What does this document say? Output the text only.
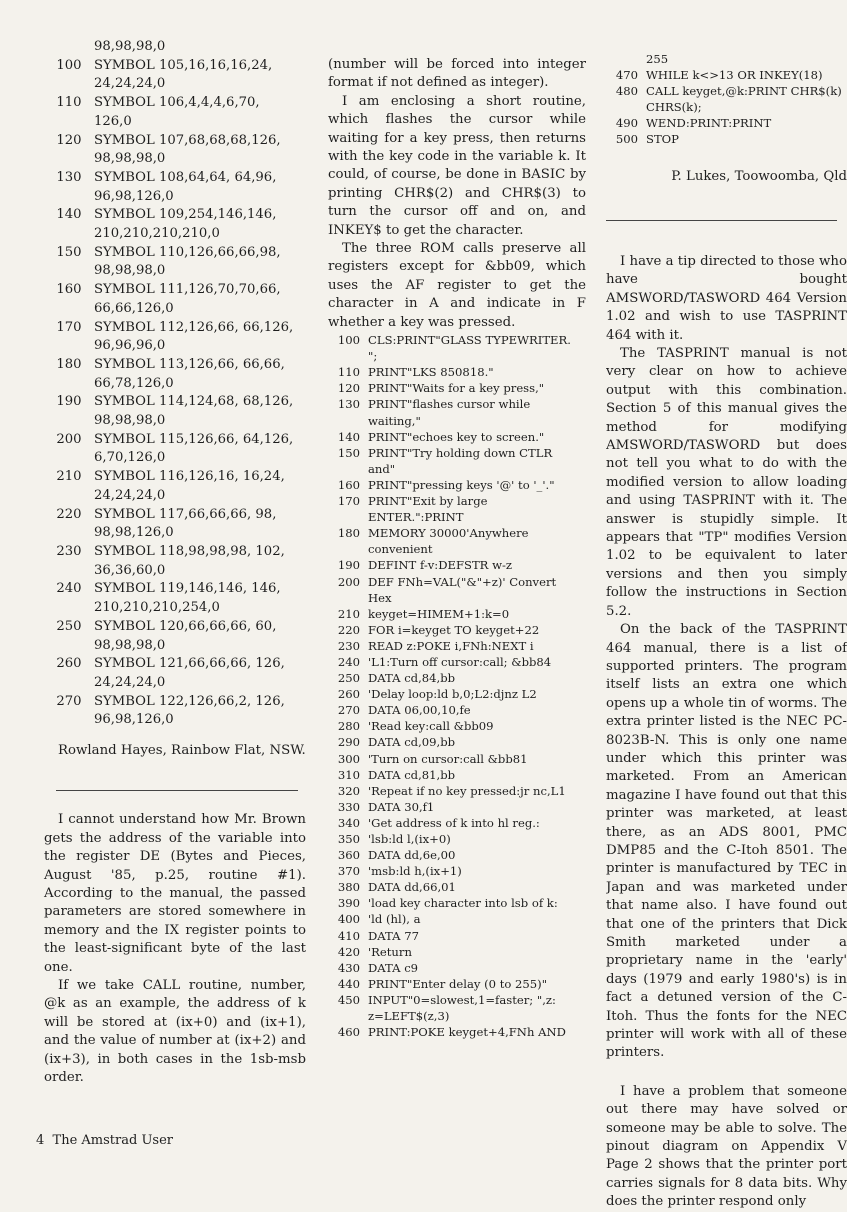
98,98,98,0
100 SYMBOL 105,16,16,16,24,
24,24,24,0
110 SYMBOL 106,4,4,4,6,70,
126,0
120 SYMBOL 107,68,68,68,126,
98,98,98,0
130 SYMBOL 108,64,64, 64,96,
96,98,126,0
140 SYMBOL 109,254,146,146,
210,210,210,210,0
150 SYMBOL 110,126,66,66,98,
98,98,98,0
160 SYMBOL 111,126,70,70,66,
66,66,126,0
170 SYMBOL 112,126,66, 66,126,
96,96,96,0
180 SYMBOL 113,126,66, 66,66,
66,78,126,0
190 SYMBOL 114,124,68, 68,126,
98,98,98,0
200 SYMBOL 115,126,66, 64,126,
6,70,126,0
210 SYMBOL 116,126,16, 16,24,
24,24,24,0
220 SYMBOL 117,66,66,66, 98,
98,98,126,0
230 SYMBOL 118,98,98,98, 102,
36,36,60,0
240 SYMBOL 119,146,146, 146,
210,210,210,254,0
250 SYMBOL 120,66,66,66, 60,
98,98,98,0
260 SYMBOL 121,66,66,66, 126,
24,24,24,0
270 SYMBOL 122,126,66,2, 126,
96,98,126,0

Rowland Hayes, Rainbow Flat, NSW.

I cannot understand how Mr. Brown gets the address of the variable into the register DE (Bytes and Pieces, August '85, p.25, routine #1). According to the manual, the passed parameters are stored somewhere in memory and the IX register points to the least-significant byte of the last one.

If we take CALL routine, number, @k as an example, the address of k will be stored at (ix+0) and (ix+1), and the value of number at (ix+2) and (ix+3), in both cases in the 1sb-msb order.

(number will be forced into integer format if not defined as integer).

I am enclosing a short routine, which flashes the cursor while waiting for a key press, then returns with the key code in the variable k. It could, of course, be done in BASIC by printing CHR$(2) and CHR$(3) to turn the cursor off and on, and INKEY$ to get the character.

The three ROM calls preserve all registers except for &bb09, which uses the AF register to get the character in A and indicate in F whether a key was pressed.

100 CLS:PRINT"GLASS TYPEWRITER.
";
110 PRINT"LKS 850818."
120 PRINT"Waits for a key press,"
130 PRINT"flashes cursor while
waiting,"
140 PRINT"echoes key to screen."
150 PRINT"Try holding down CTLR
and"
160 PRINT"pressing keys '@' to '_'."
170 PRINT"Exit by large
ENTER.":PRINT
180 MEMORY 30000'Anywhere
convenient
190 DEFINT f-v:DEFSTR w-z
200 DEF FNh=VAL("&"+z)' Convert
Hex
210 keyget=HIMEM+1:k=0
220 FOR i=keyget TO keyget+22
230 READ z:POKE i,FNh:NEXT i
240 'L1:Turn off cursor:call; &bb84
250 DATA cd,84,bb
260 'Delay loop:ld b,0;L2:djnz L2
270 DATA 06,00,10,fe
280 'Read key:call &bb09
290 DATA cd,09,bb
300 'Turn on cursor:call &bb81
310 DATA cd,81,bb
320 'Repeat if no key pressed:jr nc,L1
330 DATA 30,f1
340 'Get address of k into hl reg.:
350 'lsb:ld l,(ix+0)
360 DATA dd,6e,00
370 'msb:ld h,(ix+1)
380 DATA dd,66,01
390 'load key character into lsb of k:
400 'ld (hl), a
410 DATA 77
420 'Return
430 DATA c9
440 PRINT"Enter delay (0 to 255)"
450 INPUT"0=slowest,1=faster; ",z:
z=LEFT$(z,3)
460 PRINT:POKE keyget+4,FNh AND
255
470 WHILE k<>13 OR INKEY(18)
480 CALL keyget,@k:PRINT CHR$(k)
CHRS(k);
490 WEND:PRINT:PRINT
500 STOP

P. Lukes, Toowoomba, Qld

I have a tip directed to those who have bought AMSWORD/TASWORD 464 Version 1.02 and wish to use TASPRINT 464 with it.

The TASPRINT manual is not very clear on how to achieve output with this combination. Section 5 of this manual gives the method for modifying AMSWORD/TASWORD but does not tell you what to do with the modified version to allow loading and using TASPRINT with it. The answer is stupidly simple. It appears that "TP" modifies Version 1.02 to be equivalent to later versions and then you simply follow the instructions in Section 5.2.

On the back of the TASPRINT 464 manual, there is a list of supported printers. The program itself lists an extra one which opens up a whole tin of worms. The extra printer listed is the NEC PC-8023B-N. This is only one name under which this printer was marketed. From an American magazine I have found out that this printer was marketed, at least there, as an ADS 8001, PMC DMP85 and the C-Itoh 8501. The printer is manufactured by TEC in Japan and was marketed under that name also. I have found out that one of the printers that Dick Smith marketed under a proprietary name in the 'early' days (1979 and early 1980's) is in fact a detuned version of the C-Itoh. Thus the fonts for the NEC printer will work with all of these printers.

I have a problem that someone out there may have solved or someone may be able to solve. The pinout diagram on Appendix V Page 2 shows that the printer port carries signals for 8 data bits. Why does the printer respond only

4 The Amstrad User
